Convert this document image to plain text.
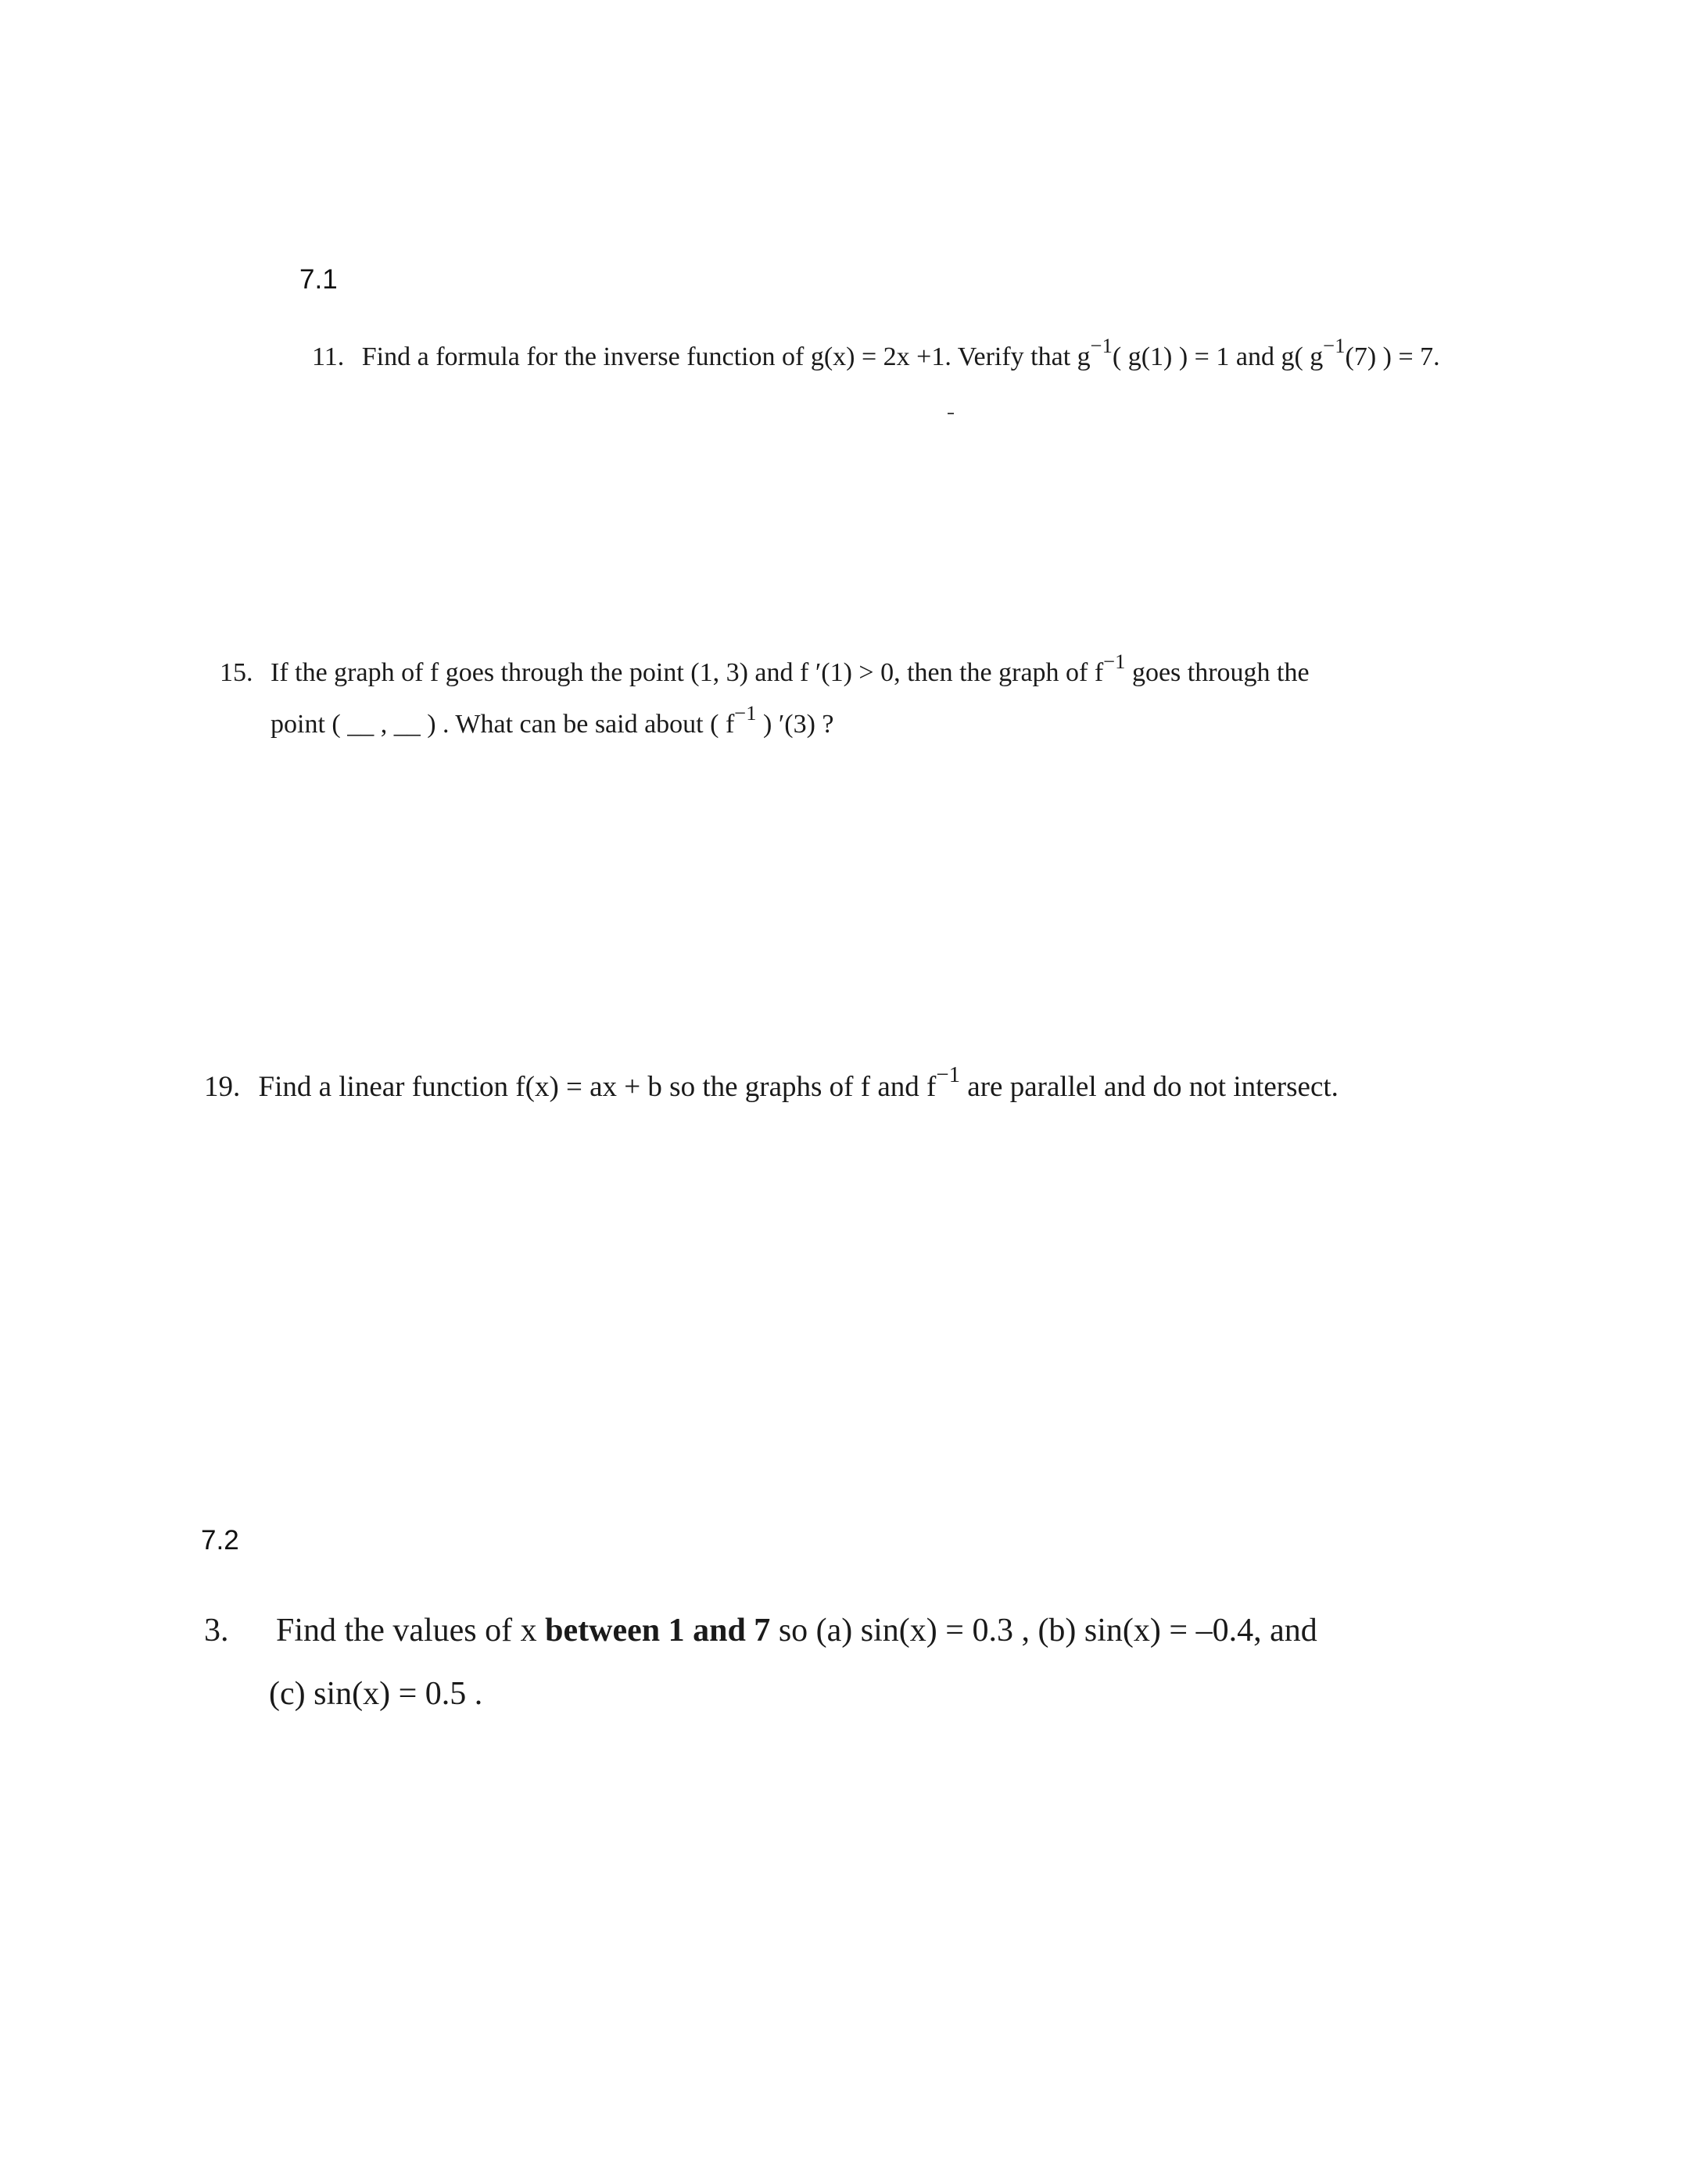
7.1
11. Find a formula for the inverse function of g(x) = 2x +1. Verify that $g^{-1}$( g(1) ) = 1 and g( $g^{-1}(7)$ ) = 7.
15. If the graph of f goes through the point (1, 3) and f ′(1) > 0, then the graph of $f^{-1}$ goes through the
point ( __ , __ ) . What can be said about ( $f^{-1}$ ) ′(3) ?
19. Find a linear function f(x) = ax + b so the graphs of f and $f^{-1}$ are parallel and do not intersect.
7.2
3. Find the values of x between 1 and 7 so (a) sin(x) = 0.3 , (b) sin(x) = –0.4, and
(c) sin(x) = 0.5 .
